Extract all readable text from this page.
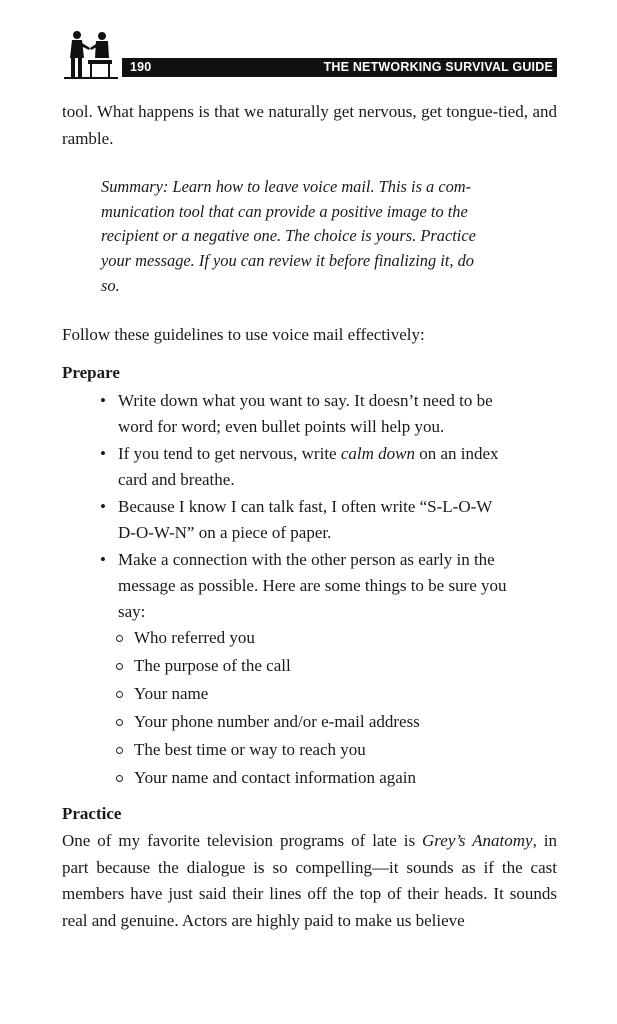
190	THE NETWORKING SURVIVAL GUIDE

tool. What happens is that we naturally get nervous, get tongue-tied, and ramble.

Summary: Learn how to leave voice mail. This is a com-
munication tool that can provide a positive image to the
recipient or a negative one. The choice is yours. Practice
your message. If you can review it before finalizing it, do
so.

Follow these guidelines to use voice mail effectively:

Prepare
• Write down what you want to say. It doesn’t need to be
word for word; even bullet points will help you.
• If you tend to get nervous, write calm down on an index
card and breathe.
• Because I know I can talk fast, I often write “S-L-O-W
D-O-W-N” on a piece of paper.
• Make a connection with the other person as early in the
message as possible. Here are some things to be sure you
say:
Who referred you
The purpose of the call
Your name
Your phone number and/or e-mail address
The best time or way to reach you
Your name and contact information again
Practice

One of my favorite television programs of late is Grey’s Anatomy, in part because the dialogue is so compelling—it sounds as if the cast members have just said their lines off the top of their heads. It sounds real and genuine. Actors are highly paid to make us believe
